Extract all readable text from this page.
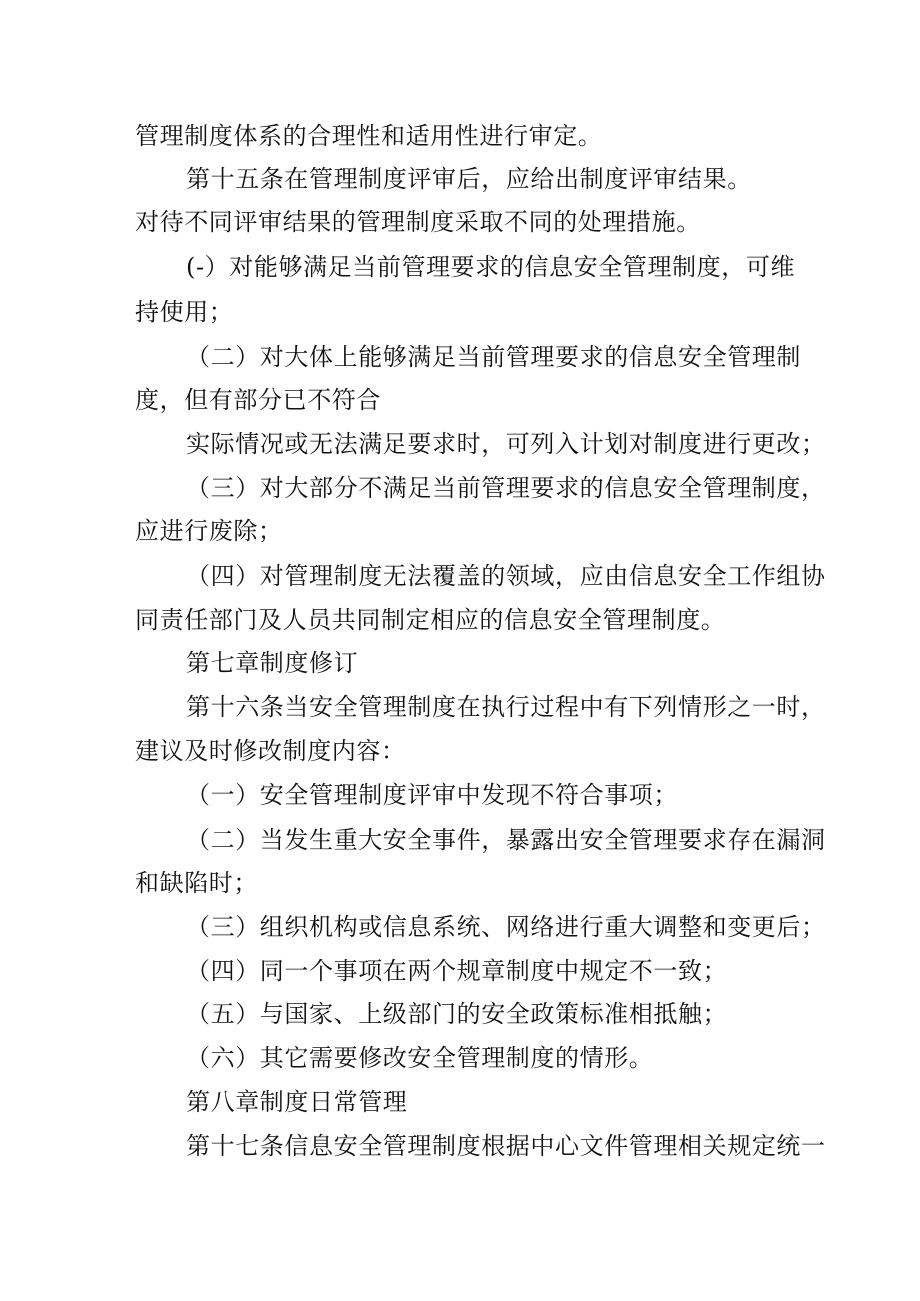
管理制度体系的合理性和适用性进行审定。
第十五条在管理制度评审后，应给出制度评审结果。
对待不同评审结果的管理制度采取不同的处理措施。
(-）对能够满足当前管理要求的信息安全管理制度，可维
持使用；
（二）对大体上能够满足当前管理要求的信息安全管理制
度，但有部分已不符合
实际情况或无法满足要求时，可列入计划对制度进行更改；
（三）对大部分不满足当前管理要求的信息安全管理制度，
应进行废除；
（四）对管理制度无法覆盖的领域，应由信息安全工作组协
同责任部门及人员共同制定相应的信息安全管理制度。
第七章制度修订
第十六条当安全管理制度在执行过程中有下列情形之一时，
建议及时修改制度内容：
（一）安全管理制度评审中发现不符合事项；
（二）当发生重大安全事件，暴露出安全管理要求存在漏洞
和缺陷时；
（三）组织机构或信息系统、网络进行重大调整和变更后；
（四）同一个事项在两个规章制度中规定不一致；
（五）与国家、上级部门的安全政策标准相抵触；
（六）其它需要修改安全管理制度的情形。
第八章制度日常管理
第十七条信息安全管理制度根据中心文件管理相关规定统一
